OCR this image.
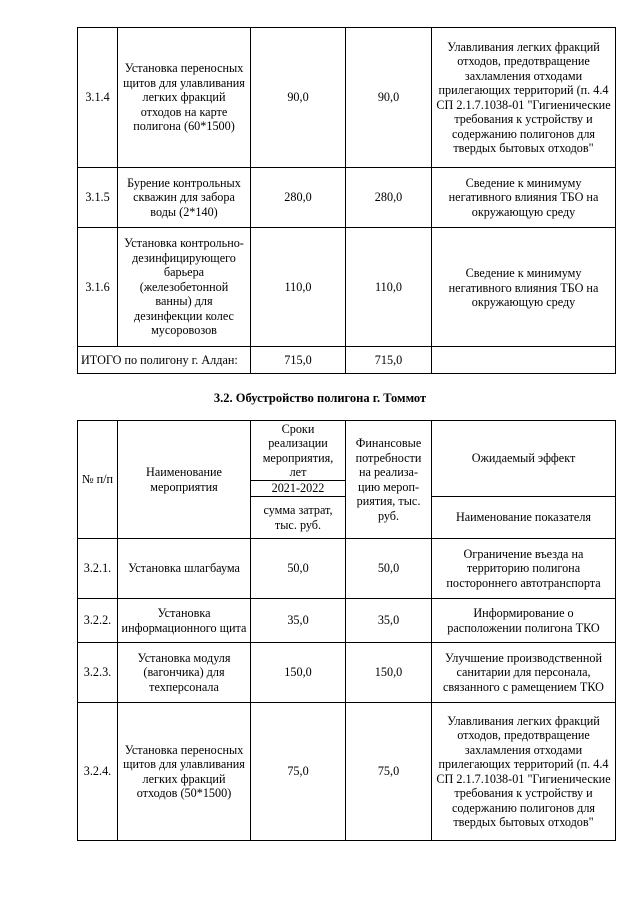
3.1.4	Установка переносных щитов для улавливания легких фракций отходов на карте полигона (60*1500)	90,0	90,0	Улавливания легких фракций отходов, предотвращение захламления отходами прилегающих территорий (п. 4.4 СП 2.1.7.1038-01 "Гигиенические требования к устройству и содержанию полигонов для твердых бытовых отходов"
3.1.5	Бурение контрольных скважин для забора воды (2*140)	280,0	280,0	Сведение к минимуму негативного влияния ТБО на окружающую среду
3.1.6	Установка контрольно-дезинфицирующего барьера (железобетонной ванны) для дезинфекции колес мусоровозов	110,0	110,0	Сведение к минимуму негативного влияния ТБО на окружающую среду
ИТОГО по полигону г. Алдан:		715,0	715,0	
3.2. Обустройство полигона г. Томмот
№ п/п	Наименование мероприятия	Сроки реализации мероприятия, лет	Финансовые потребности на реализа-цию мероп-риятия, тыс. руб.	Ожидаемый эффект
		2021-2022		
		сумма затрат, тыс. руб.		Наименование показателя
3.2.1.	Установка шлагбаума	50,0	50,0	Ограничение въезда на территорию полигона постороннего автотранспорта
3.2.2.	Установка информационного щита	35,0	35,0	Информирование о расположении полигона ТКО
3.2.3.	Установка модуля (вагончика) для техперсонала	150,0	150,0	Улучшение производственной санитарии для персонала, связанного с рамещением ТКО
3.2.4.	Установка переносных щитов для улавливания легких фракций отходов (50*1500)	75,0	75,0	Улавливания легких фракций отходов, предотвращение захламления отходами прилегающих территорий (п. 4.4 СП 2.1.7.1038-01 "Гигиенические требования к устройству и содержанию полигонов для твердых бытовых отходов"
